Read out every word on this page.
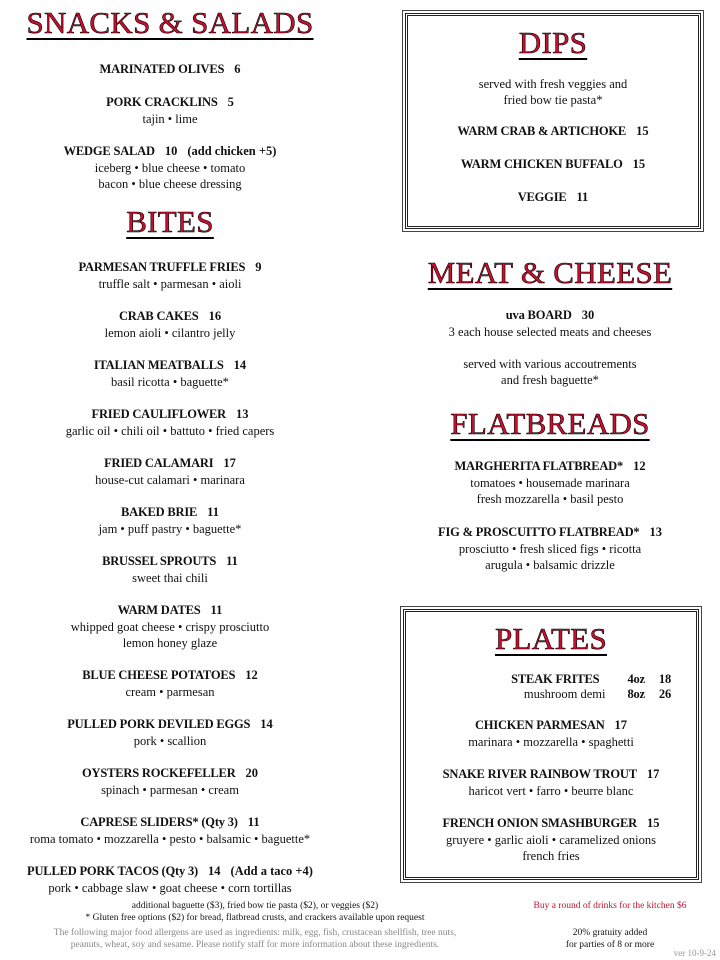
SNACKS & SALADS
MARINATED OLIVES 6
PORK CRACKLINS 5
tajin • lime
WEDGE SALAD 10 (add chicken +5)
iceberg • blue cheese • tomato
bacon • blue cheese dressing
BITES
PARMESAN TRUFFLE FRIES 9
truffle salt • parmesan • aioli
CRAB CAKES 16
lemon aioli • cilantro jelly
ITALIAN MEATBALLS 14
basil ricotta • baguette*
FRIED CAULIFLOWER 13
garlic oil • chili oil • battuto • fried capers
FRIED CALAMARI 17
house-cut calamari • marinara
BAKED BRIE 11
jam • puff pastry • baguette*
BRUSSEL SPROUTS 11
sweet thai chili
WARM DATES 11
whipped goat cheese • crispy prosciutto
lemon honey glaze
BLUE CHEESE POTATOES 12
cream • parmesan
PULLED PORK DEVILED EGGS 14
pork • scallion
OYSTERS ROCKEFELLER 20
spinach • parmesan • cream
CAPRESE SLIDERS* (Qty 3) 11
roma tomato • mozzarella • pesto • balsamic • baguette*
PULLED PORK TACOS (Qty 3) 14 (Add a taco +4)
pork • cabbage slaw • goat cheese • corn tortillas
DIPS
served with fresh veggies and
fried bow tie pasta*
WARM CRAB & ARTICHOKE 15
WARM CHICKEN BUFFALO 15
VEGGIE 11
MEAT & CHEESE
uva BOARD 30
3 each house selected meats and cheeses
served with various accoutrements
and fresh baguette*
FLATBREADS
MARGHERITA FLATBREAD* 12
tomatoes • housemade marinara
fresh mozzarella • basil pesto
FIG & PROSCUITTO FLATBREAD* 13
prosciutto • fresh sliced figs • ricotta
arugula • balsamic drizzle
PLATES
STEAK FRITES 4oz 18
mushroom demi 8oz 26
CHICKEN PARMESAN 17
marinara • mozzarella • spaghetti
SNAKE RIVER RAINBOW TROUT 17
haricot vert • farro • beurre blanc
FRENCH ONION SMASHBURGER 15
gruyere • garlic aioli • caramelized onions
french fries
additional baguette ($3), fried bow tie pasta ($2), or veggies ($2)
* Gluten free options ($2) for bread, flatbread crusts, and crackers available upon request
The following major food allergens are used as ingredients: milk, egg, fish, crustacean shellfish, tree nuts,
peanuts, wheat, soy and sesame. Please notify staff for more information about these ingredients.
Buy a round of drinks for the kitchen $6
20% gratuity added
for parties of 8 or more
ver 10-9-24
